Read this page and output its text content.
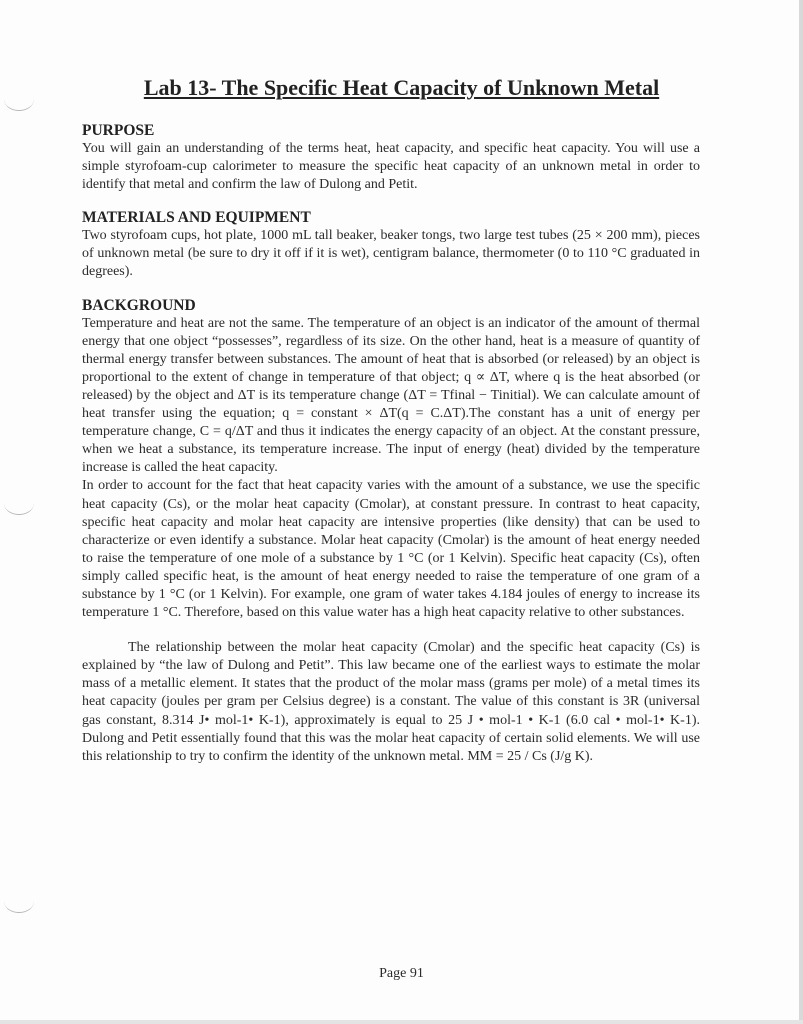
Lab 13- The Specific Heat Capacity of Unknown Metal
PURPOSE

You will gain an understanding of the terms heat, heat capacity, and specific heat capacity. You will use a simple styrofoam-cup calorimeter to measure the specific heat capacity of an unknown metal in order to identify that metal and confirm the law of Dulong and Petit.

MATERIALS AND EQUIPMENT

Two styrofoam cups, hot plate, 1000 mL tall beaker, beaker tongs, two large test tubes (25 × 200 mm), pieces of unknown metal (be sure to dry it off if it is wet), centigram balance, thermometer (0 to 110 °C graduated in degrees).

BACKGROUND

Temperature and heat are not the same. The temperature of an object is an indicator of the amount of thermal energy that one object “possesses”, regardless of its size. On the other hand, heat is a measure of quantity of thermal energy transfer between substances. The amount of heat that is absorbed (or released) by an object is proportional to the extent of change in temperature of that object; q ∝ ΔT, where q is the heat absorbed (or released) by the object and ΔT is its temperature change (ΔT = Tfinal − Tinitial). We can calculate amount of heat transfer using the equation; q = constant × ΔT(q = C.ΔT).The constant has a unit of energy per temperature change, C = q/ΔT and thus it indicates the energy capacity of an object. At the constant pressure, when we heat a substance, its temperature increase. The input of energy (heat) divided by the temperature increase is called the heat capacity.

In order to account for the fact that heat capacity varies with the amount of a substance, we use the specific heat capacity (Cs), or the molar heat capacity (Cmolar), at constant pressure. In contrast to heat capacity, specific heat capacity and molar heat capacity are intensive properties (like density) that can be used to characterize or even identify a substance. Molar heat capacity (Cmolar) is the amount of heat energy needed to raise the temperature of one mole of a substance by 1 °C (or 1 Kelvin). Specific heat capacity (Cs), often simply called specific heat, is the amount of heat energy needed to raise the temperature of one gram of a substance by 1 °C (or 1 Kelvin). For example, one gram of water takes 4.184 joules of energy to increase its temperature 1 °C. Therefore, based on this value water has a high heat capacity relative to other substances.

The relationship between the molar heat capacity (Cmolar) and the specific heat capacity (Cs) is explained by “the law of Dulong and Petit”. This law became one of the earliest ways to estimate the molar mass of a metallic element. It states that the product of the molar mass (grams per mole) of a metal times its heat capacity (joules per gram per Celsius degree) is a constant. The value of this constant is 3R (universal gas constant, 8.314 J• mol-1• K-1), approximately is equal to 25 J • mol-1 • K-1 (6.0 cal • mol-1• K-1). Dulong and Petit essentially found that this was the molar heat capacity of certain solid elements. We will use this relationship to try to confirm the identity of the unknown metal. MM = 25 / Cs (J/g K).

Page 91
